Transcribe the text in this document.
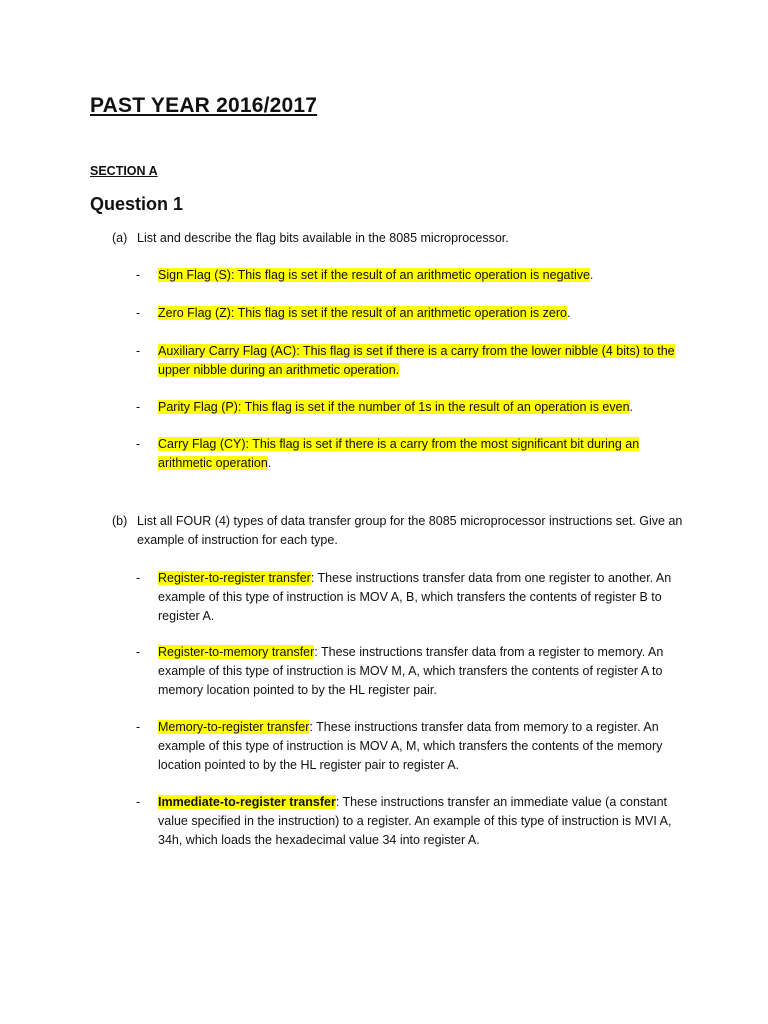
PAST YEAR 2016/2017
SECTION A
Question 1
(a) List and describe the flag bits available in the 8085 microprocessor.
- Sign Flag (S): This flag is set if the result of an arithmetic operation is negative.
- Zero Flag (Z): This flag is set if the result of an arithmetic operation is zero.
- Auxiliary Carry Flag (AC): This flag is set if there is a carry from the lower nibble (4 bits) to the upper nibble during an arithmetic operation.
- Parity Flag (P): This flag is set if the number of 1s in the result of an operation is even.
- Carry Flag (CY): This flag is set if there is a carry from the most significant bit during an arithmetic operation.
(b) List all FOUR (4) types of data transfer group for the 8085 microprocessor instructions set. Give an example of instruction for each type.
- Register-to-register transfer: These instructions transfer data from one register to another. An example of this type of instruction is MOV A, B, which transfers the contents of register B to register A.
- Register-to-memory transfer: These instructions transfer data from a register to memory. An example of this type of instruction is MOV M, A, which transfers the contents of register A to memory location pointed to by the HL register pair.
- Memory-to-register transfer: These instructions transfer data from memory to a register. An example of this type of instruction is MOV A, M, which transfers the contents of the memory location pointed to by the HL register pair to register A.
- Immediate-to-register transfer: These instructions transfer an immediate value (a constant value specified in the instruction) to a register. An example of this type of instruction is MVI A, 34h, which loads the hexadecimal value 34 into register A.
